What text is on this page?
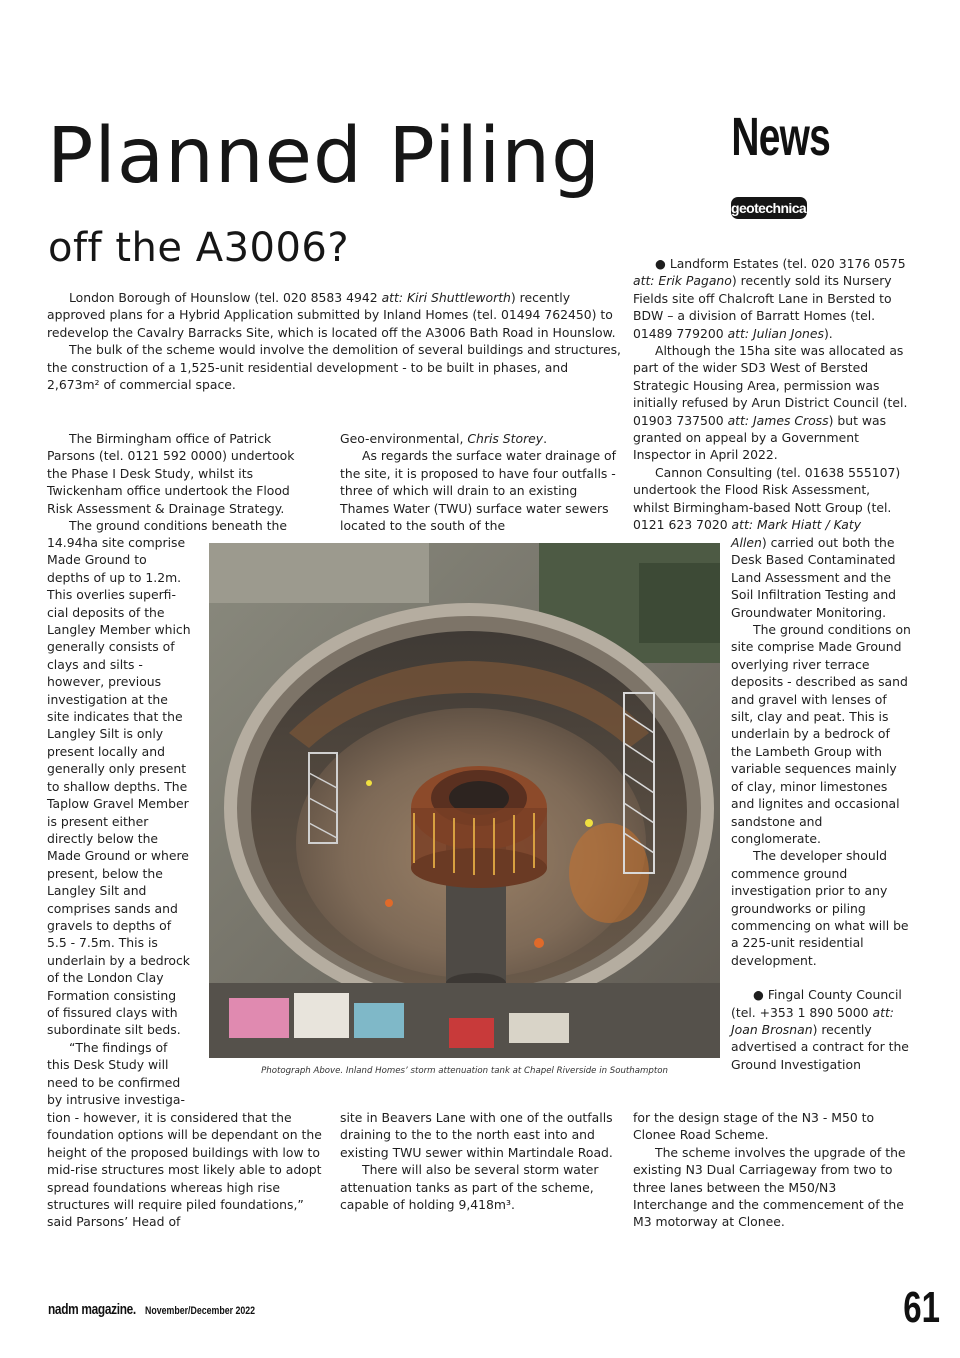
Planned Piling
off the A3006?
News
geotechnical

London Borough of Hounslow (tel. 020 8583 4942 att: Kiri Shuttleworth) recently approved plans for a Hybrid Application submitted by Inland Homes (tel. 01494 762450) to redevelop the Cavalry Barracks Site, which is located off the A3006 Bath Road in Hounslow.

The bulk of the scheme would involve the demolition of several buildings and structures, the construction of a 1,525-unit residential development - to be built in phases, and 2,673m² of commercial space.

The Birmingham office of Patrick Parsons (tel. 0121 592 0000) undertook the Phase I Desk Study, whilst its Twickenham office undertook the Flood Risk Assessment & Drainage Strategy.

The ground conditions beneath the

14.94ha site comprise
Made Ground to
depths of up to 1.2m.
This overlies superfi-
cial deposits of the
Langley Member which
generally consists of
clays and silts -
however, previous
investigation at the
site indicates that the
Langley Silt is only
present locally and
generally only present
to shallow depths. The
Taplow Gravel Member
is present either
directly below the
Made Ground or where
present, below the
Langley Silt and
comprises sands and
gravels to depths of
5.5 - 7.5m. This is
underlain by a bedrock
of the London Clay
Formation consisting
of fissured clays with
subordinate silt beds.
“The findings of
this Desk Study will
need to be confirmed
by intrusive investiga-

tion - however, it is considered that the foundation options will be dependant on the height of the proposed buildings with low to mid-rise structures most likely able to adopt spread foundations whereas high rise structures will require piled foundations,” said Parsons’ Head of

Geo-environmental, Chris Storey.

As regards the surface water drainage of the site, it is proposed to have four outfalls - three of which will drain to an existing Thames Water (TWU) surface water sewers located to the south of the

site in Beavers Lane with one of the outfalls draining to the to the north east into and existing TWU sewer within Martindale Road.

There will also be several storm water attenuation tanks as part of the scheme, capable of holding 9,418m³.

● Landform Estates (tel. 020 3176 0575 att: Erik Pagano) recently sold its Nursery Fields site off Chalcroft Lane in Bersted to BDW – a division of Barratt Homes (tel. 01489 779200 att: Julian Jones).

Although the 15ha site was allocated as part of the wider SD3 West of Bersted Strategic Housing Area, permission was initially refused by Arun District Council (tel. 01903 737500 att: James Cross) but was granted on appeal by a Government Inspector in April 2022.

Cannon Consulting (tel. 01638 555107) undertook the Flood Risk Assessment, whilst Birmingham-based Nott Group (tel. 0121 623 7020 att: Mark Hiatt / Katy

Allen) carried out both the Desk Based Contaminated Land Assessment and the Soil Infiltration Testing and Groundwater Monitoring.

The ground conditions on site comprise Made Ground overlying river terrace deposits - described as sand and gravel with lenses of silt, clay and peat. This is underlain by a bedrock of the Lambeth Group with variable sequences mainly of clay, minor limestones and lignites and occasional sandstone and conglomerate.

The developer should commence ground investigation prior to any groundworks or piling commencing on what will be a 225-unit residential development.

● Fingal County Council (tel. +353 1 890 5000 att: Joan Brosnan) recently advertised a contract for the Ground Investigation

for the design stage of the N3 - M50 to Clonee Road Scheme.

The scheme involves the upgrade of the existing N3 Dual Carriageway from two to three lanes between the M50/N3 Interchange and the commencement of the M3 motorway at Clonee.

Photograph Above. Inland Homes’ storm attenuation tank at Chapel Riverside in Southampton
nadm magazine. November/December 2022	61
